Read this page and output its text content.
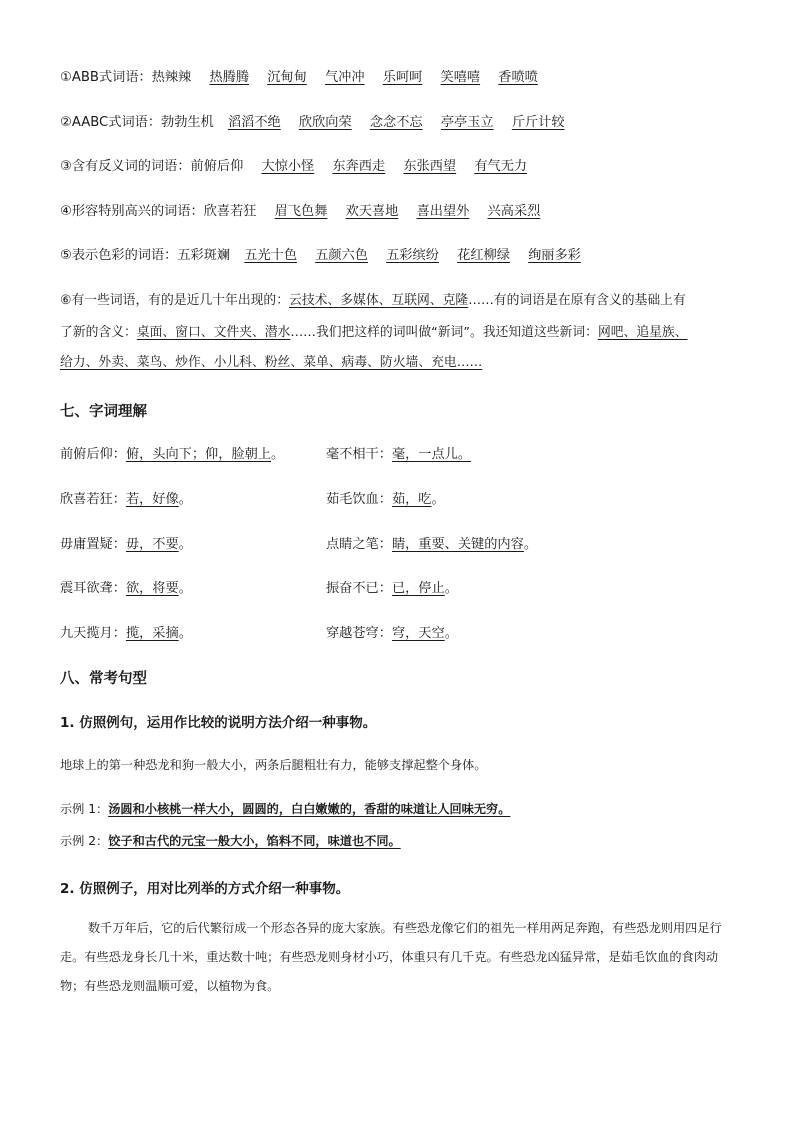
①ABB式词语：热辣辣 热腾腾 沉甸甸 气冲冲 乐呵呵 笑嘻嘻 香喷喷
②AABC式词语：勃勃生机 滔滔不绝 欣欣向荣 念念不忘 亭亭玉立 斤斤计较
③含有反义词的词语：前俯后仰 大惊小怪 东奔西走 东张西望 有气无力
④形容特别高兴的词语：欣喜若狂 眉飞色舞 欢天喜地 喜出望外 兴高采烈
⑤表示色彩的词语：五彩斑斓 五光十色 五颜六色 五彩缤纷 花红柳绿 绚丽多彩
⑥有一些词语，有的是近几十年出现的：云技术、多媒体、互联网、克隆……有的词语是在原有含义的基础上有
了新的含义：桌面、窗口、文件夹、潜水……我们把这样的词叫做“新词”。我还知道这些新词：网吧、追星族、
给力、外卖、菜鸟、炒作、小儿科、粉丝、菜单、病毒、防火墙、充电……
七、字词理解
前俯后仰：俯，头向下；仰，脸朝上。	毫不相干：毫，一点儿。
欣喜若狂：若，好像。	茹毛饮血：茹，吃。
毋庸置疑：毋，不要。	点睛之笔：睛，重要、关键的内容。
震耳欲聋：欲，将要。	振奋不已：已，停止。
九天揽月：揽，采摘。	穿越苍穹：穹，天空。
八、常考句型
1. 仿照例句，运用作比较的说明方法介绍一种事物。
地球上的第一种恐龙和狗一般大小，两条后腿粗壮有力，能够支撑起整个身体。
示例 1：汤圆和小核桃一样大小，圆圆的，白白嫩嫩的，香甜的味道让人回味无穷。
示例 2：饺子和古代的元宝一般大小，馅料不同，味道也不同。
2. 仿照例子，用对比列举的方式介绍一种事物。
数千万年后，它的后代繁衍成一个形态各异的庞大家族。有些恐龙像它们的祖先一样用两足奔跑，有些恐龙则用四足行走。有些恐龙身长几十米，重达数十吨；有些恐龙则身材小巧，体重只有几千克。有些恐龙凶猛异常，是茹毛饮血的食肉动物；有些恐龙则温顺可爱，以植物为食。
